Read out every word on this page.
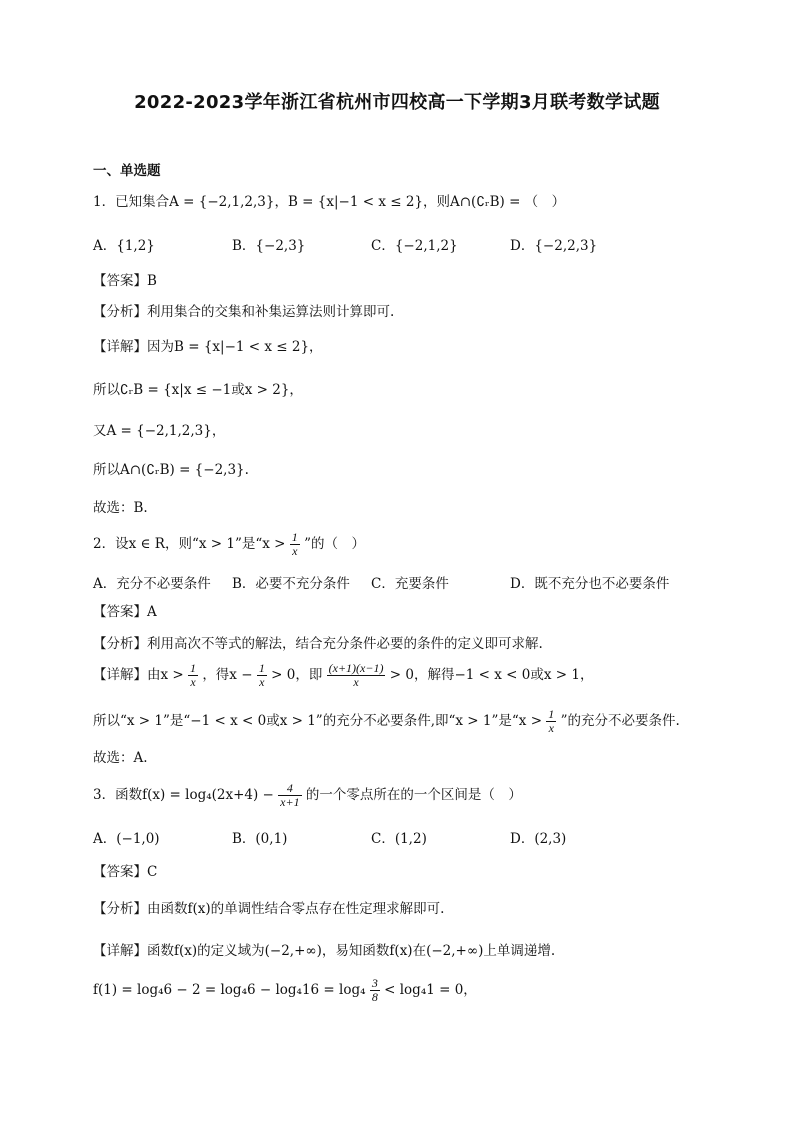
2022-2023学年浙江省杭州市四校高一下学期3月联考数学试题
一、单选题
1．已知集合A = {−2,1,2,3}，B = {x|−1 < x ≤ 2}，则A∩(∁ᵣB) = （　）
A．{1,2}	B．{−2,3}	C．{−2,1,2}	D．{−2,2,3}
【答案】B
【分析】利用集合的交集和补集运算法则计算即可.
【详解】因为B = {x|−1 < x ≤ 2}，
所以∁ᵣB = {x|x ≤ −1或x > 2}，
又A = {−2,1,2,3}，
所以A∩(∁ᵣB) = {−2,3}.
故选：B.
2．设x ∈ R，则“x > 1”是“$x > \frac{1}{x}$ ”的（　）
A．充分不必要条件 B．必要不充分条件 C．充要条件	D．既不充分也不必要条件
【答案】A
【分析】利用高次不等式的解法，结合充分条件必要的条件的定义即可求解.
【详解】由$x > \frac{1}{x}$ ，得$x - \frac{1}{x} > 0$，即 $\frac{(x+1)(x-1)}{x} > 0$，解得−1 < x < 0或x > 1，
所以“x > 1”是“−1 < x < 0或x > 1”的充分不必要条件,即“x > 1”是“$x > \frac{1}{x}$ ”的充分不必要条件.
故选：A.
3．函数$f(x) = \log_4(2x+4) - \frac{4}{x+1}$ 的一个零点所在的一个区间是（　）
A．(−1,0)	B．(0,1)	C．(1,2)	D．(2,3)
【答案】C
【分析】由函数f(x)的单调性结合零点存在性定理求解即可.
【详解】函数f(x)的定义域为(−2,+∞)，易知函数f(x)在(−2,+∞)上单调递增.
$f(1) = \log_46 - 2 = \log_46 - \log_416 = \log_4 \frac{3}{8} < \log_41 = 0$，
